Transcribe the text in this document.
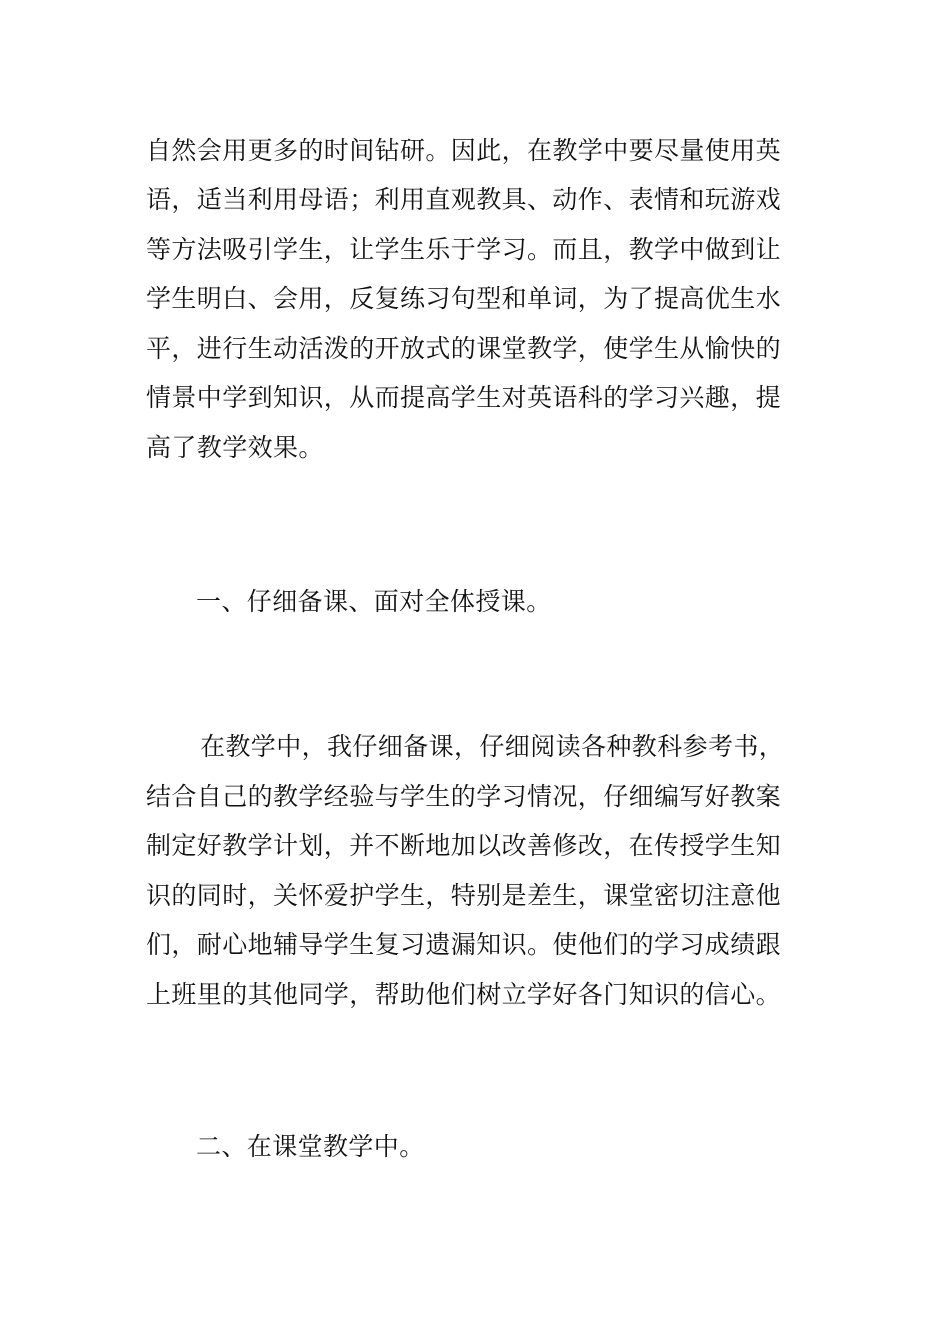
自然会用更多的时间钻研。因此，在教学中要尽量使用英
语，适当利用母语；利用直观教具、动作、表情和玩游戏
等方法吸引学生，让学生乐于学习。而且，教学中做到让
学生明白、会用，反复练习句型和单词，为了提高优生水
平，进行生动活泼的开放式的课堂教学，使学生从愉快的
情景中学到知识，从而提高学生对英语科的学习兴趣，提
高了教学效果。
一、仔细备课、面对全体授课。
在教学中，我仔细备课，仔细阅读各种教科参考书，
结合自己的教学经验与学生的学习情况，仔细编写好教案
制定好教学计划，并不断地加以改善修改，在传授学生知
识的同时，关怀爱护学生，特别是差生，课堂密切注意他
们，耐心地辅导学生复习遗漏知识。使他们的学习成绩跟
上班里的其他同学，帮助他们树立学好各门知识的信心。
二、在课堂教学中。
